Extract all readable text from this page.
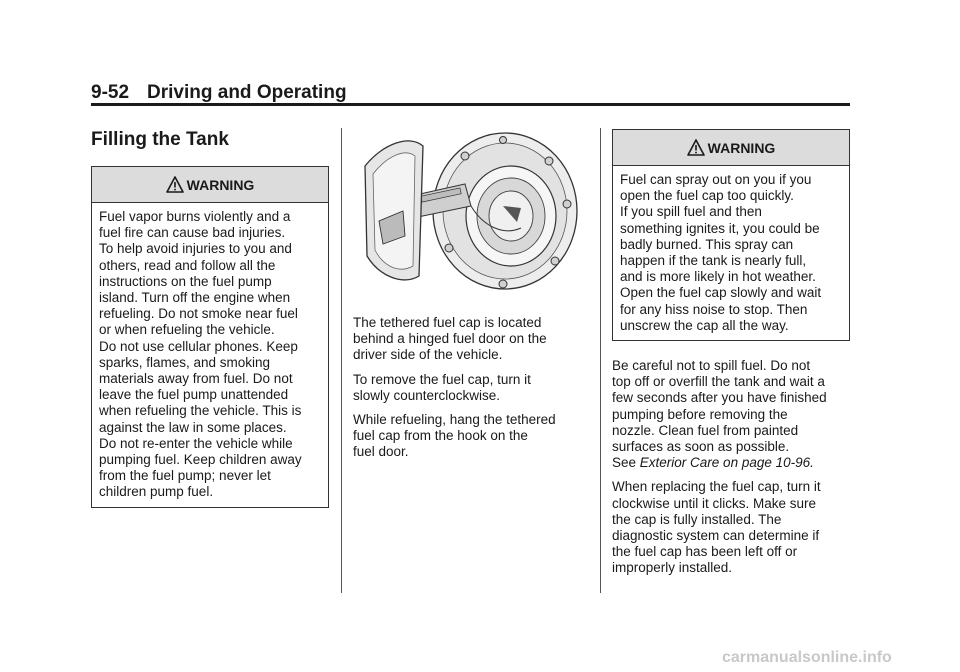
9-52 Driving and Operating
Filling the Tank
WARNING
Fuel vapor burns violently and a
fuel fire can cause bad injuries.
To help avoid injuries to you and
others, read and follow all the
instructions on the fuel pump
island. Turn off the engine when
refueling. Do not smoke near fuel
or when refueling the vehicle.
Do not use cellular phones. Keep
sparks, flames, and smoking
materials away from fuel. Do not
leave the fuel pump unattended
when refueling the vehicle. This is
against the law in some places.
Do not re-enter the vehicle while
pumping fuel. Keep children away
from the fuel pump; never let
children pump fuel.
The tethered fuel cap is located
behind a hinged fuel door on the
driver side of the vehicle.
To remove the fuel cap, turn it
slowly counterclockwise.
While refueling, hang the tethered
fuel cap from the hook on the
fuel door.
WARNING
Fuel can spray out on you if you
open the fuel cap too quickly.
If you spill fuel and then
something ignites it, you could be
badly burned. This spray can
happen if the tank is nearly full,
and is more likely in hot weather.
Open the fuel cap slowly and wait
for any hiss noise to stop. Then
unscrew the cap all the way.
Be careful not to spill fuel. Do not
top off or overfill the tank and wait a
few seconds after you have finished
pumping before removing the
nozzle. Clean fuel from painted
surfaces as soon as possible.
See Exterior Care on page 10-96.
When replacing the fuel cap, turn it
clockwise until it clicks. Make sure
the cap is fully installed. The
diagnostic system can determine if
the fuel cap has been left off or
improperly installed.
carmanualsonline.info
